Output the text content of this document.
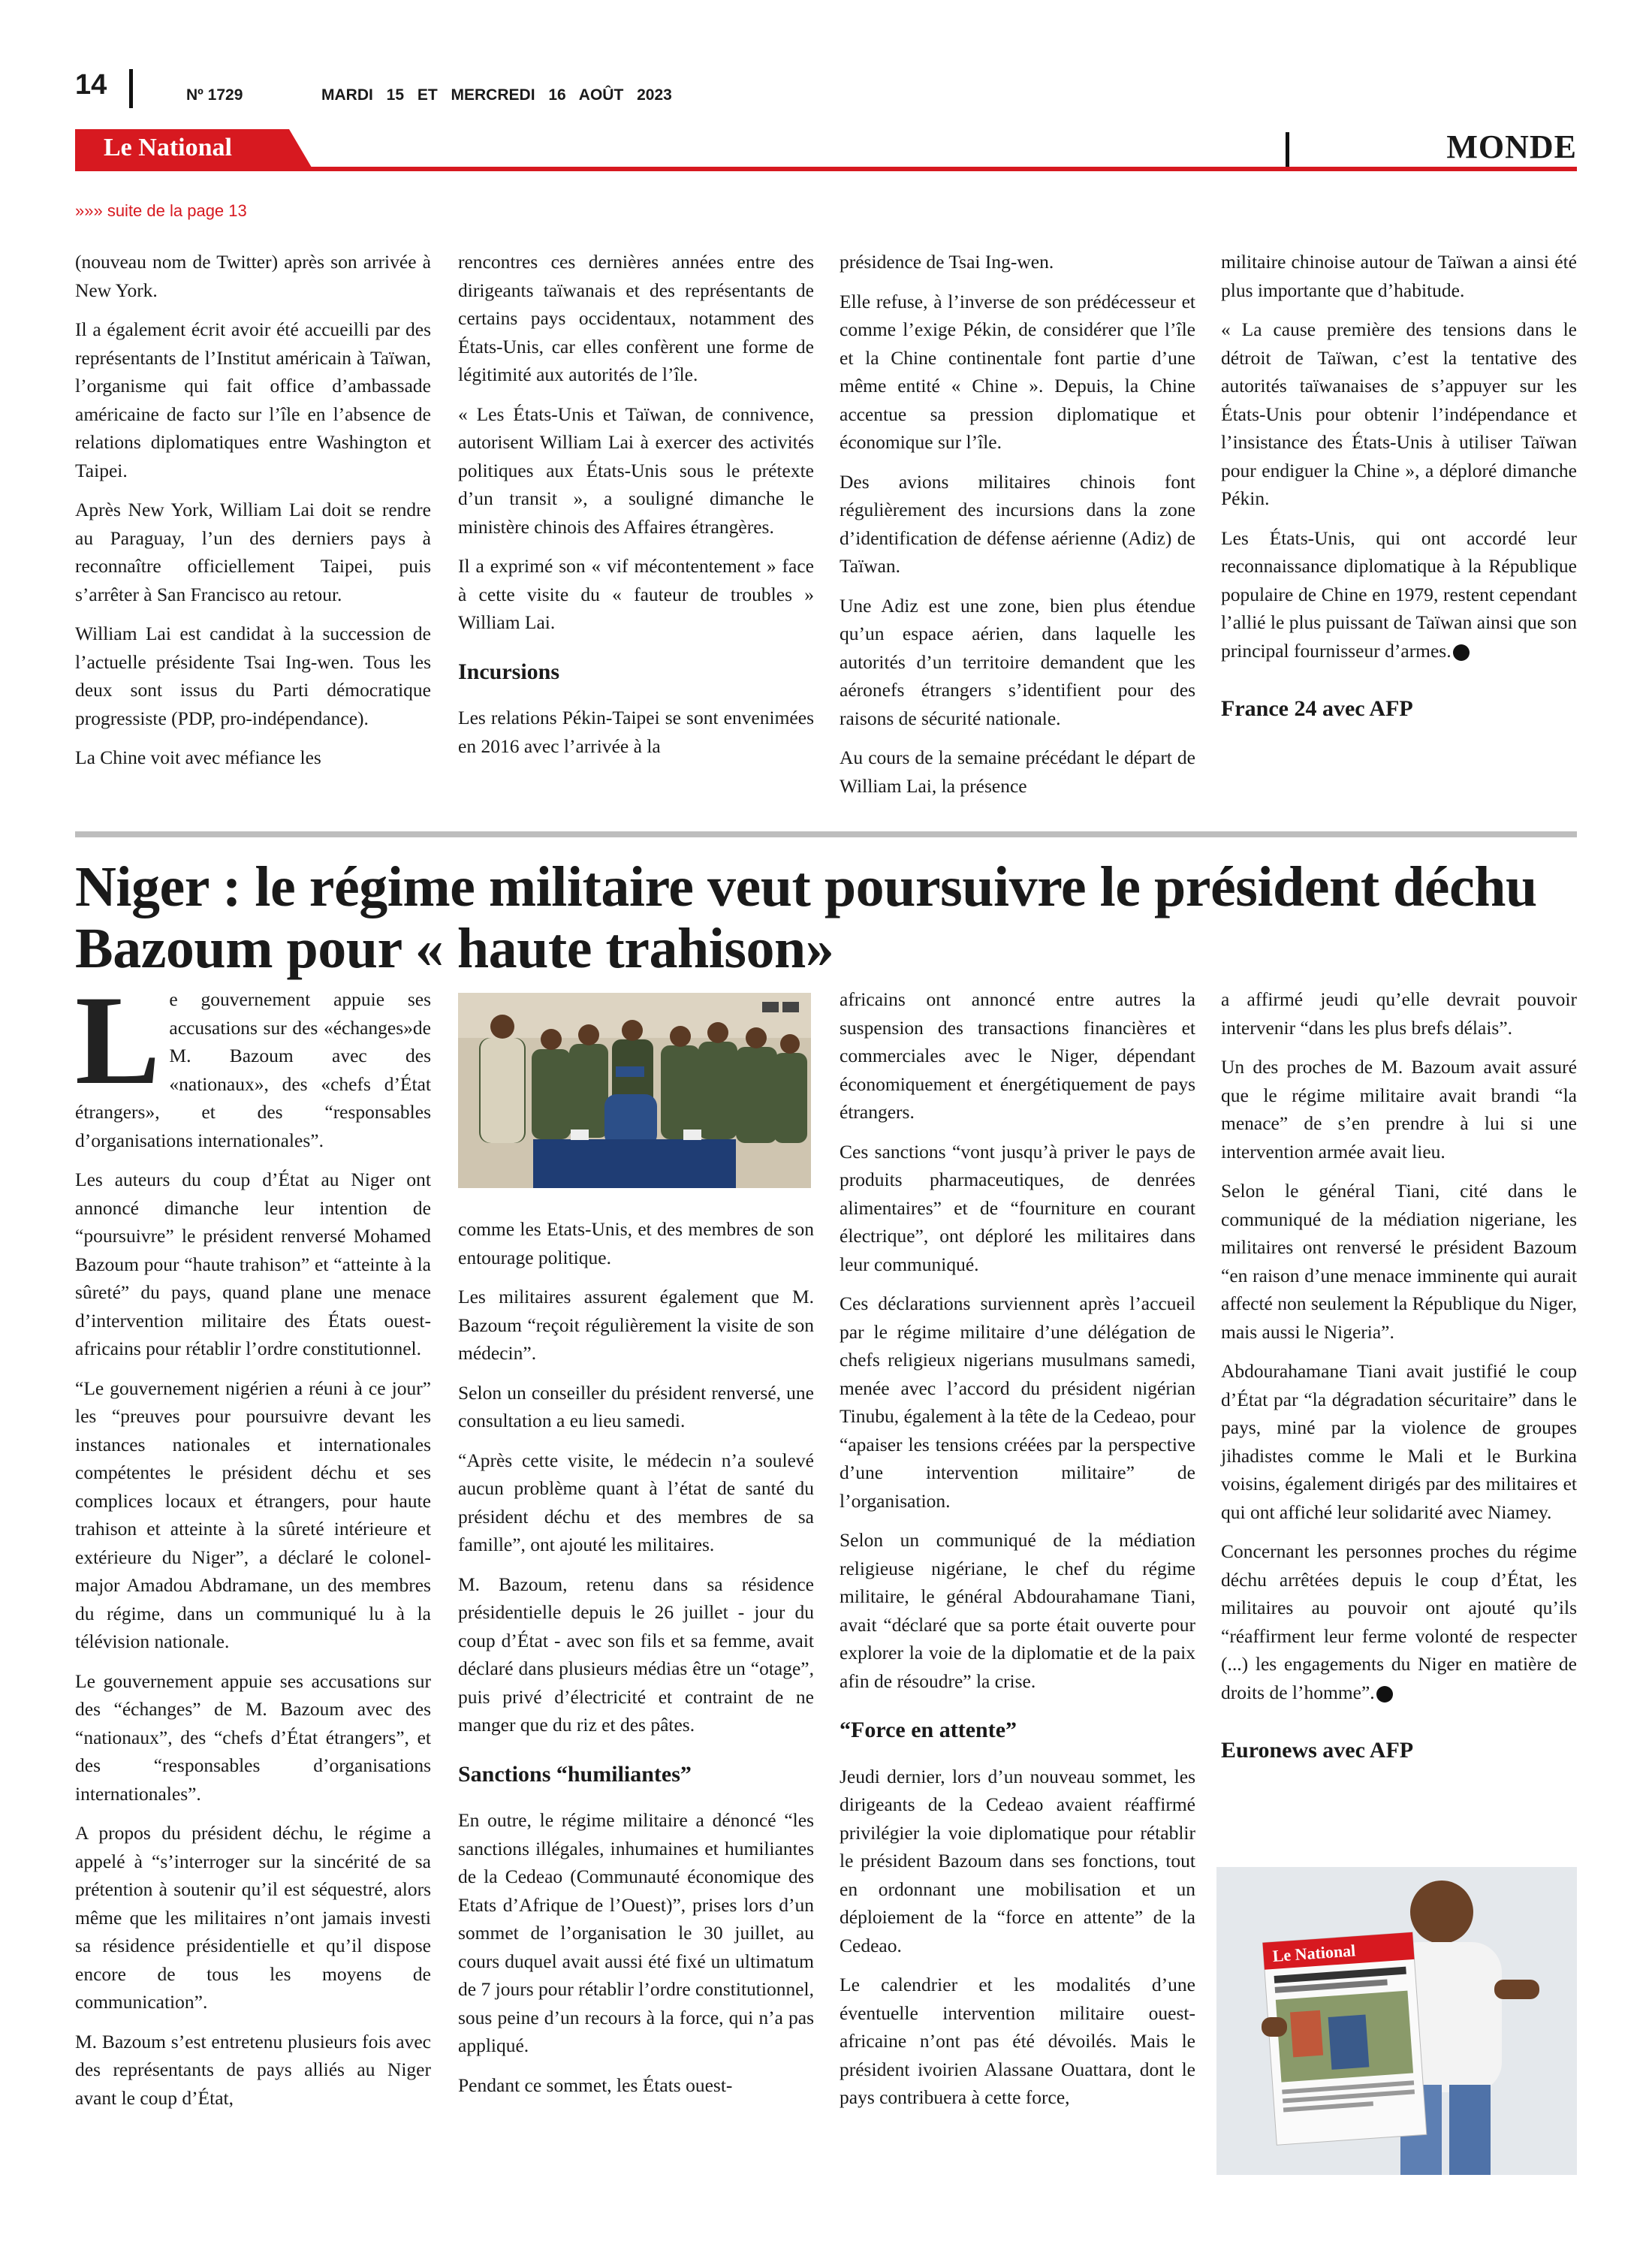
14	Nº 1729	MARDI 15 ET MERCREDI 16 AOÛT 2023
Le National	MONDE
»»» suite de la page 13

(nouveau nom de Twitter) après son arrivée à New York.

Il a également écrit avoir été accueilli par des représentants de l’Institut américain à Taïwan, l’organisme qui fait office d’ambassade américaine de facto sur l’île en l’absence de relations diplomatiques entre Washington et Taipei.

Après New York, William Lai doit se rendre au Paraguay, l’un des derniers pays à reconnaître officiellement Taipei, puis s’arrêter à San Francisco au retour.

William Lai est candidat à la succession de l’actuelle présidente Tsai Ing-wen. Tous les deux sont issus du Parti démocratique progressiste (PDP, pro-indépendance).

La Chine voit avec méfiance les

rencontres ces dernières années entre des dirigeants taïwanais et des représentants de certains pays occidentaux, notamment des États-Unis, car elles confèrent une forme de légitimité aux autorités de l’île.

« Les États-Unis et Taïwan, de connivence, autorisent William Lai à exercer des activités politiques aux États-Unis sous le prétexte d’un transit », a souligné dimanche le ministère chinois des Affaires étrangères.

Il a exprimé son « vif mécontentement » face à cette visite du « fauteur de troubles » William Lai.

Incursions

Les relations Pékin-Taipei se sont envenimées en 2016 avec l’arrivée à la

présidence de Tsai Ing-wen.

Elle refuse, à l’inverse de son prédécesseur et comme l’exige Pékin, de considérer que l’île et la Chine continentale font partie d’une même entité « Chine ». Depuis, la Chine accentue sa pression diplomatique et économique sur l’île.

Des avions militaires chinois font régulièrement des incursions dans la zone d’identification de défense aérienne (Adiz) de Taïwan.

Une Adiz est une zone, bien plus étendue qu’un espace aérien, dans laquelle les autorités d’un territoire demandent que les aéronefs étrangers s’identifient pour des raisons de sécurité nationale.

Au cours de la semaine précédant le départ de William Lai, la présence

militaire chinoise autour de Taïwan a ainsi été plus importante que d’habitude.

« La cause première des tensions dans le détroit de Taïwan, c’est la tentative des autorités taïwanaises de s’appuyer sur les États-Unis pour obtenir l’indépendance et l’insistance des États-Unis à utiliser Taïwan pour endiguer la Chine », a déploré dimanche Pékin.

Les États-Unis, qui ont accordé leur reconnaissance diplomatique à la République populaire de Chine en 1979, restent cependant l’allié le plus puissant de Taïwan ainsi que son principal fournisseur d’armes.

France 24 avec AFP

Niger : le régime militaire veut poursuivre le président déchu Bazoum pour « haute trahison»

Le gouvernement appuie ses accusations sur des «échanges»de M. Bazoum avec des «nationaux», des «chefs d’État étrangers», et des “responsables d’organisations internationales”.

Les auteurs du coup d’État au Niger ont annoncé dimanche leur intention de “poursuivre” le président renversé Mohamed Bazoum pour “haute trahison” et “atteinte à la sûreté” du pays, quand plane une menace d’intervention militaire des États ouest-africains pour rétablir l’ordre constitutionnel.

“Le gouvernement nigérien a réuni à ce jour” les “preuves pour poursuivre devant les instances nationales et internationales compétentes le président déchu et ses complices locaux et étrangers, pour haute trahison et atteinte à la sûreté intérieure et extérieure du Niger”, a déclaré le colonel-major Amadou Abdramane, un des membres du régime, dans un communiqué lu à la télévision nationale.

Le gouvernement appuie ses accusations sur des “échanges” de M. Bazoum avec des “nationaux”, des “chefs d’État étrangers”, et des “responsables d’organisations internationales”.

A propos du président déchu, le régime a appelé à “s’interroger sur la sincérité de sa prétention à soutenir qu’il est séquestré, alors même que les militaires n’ont jamais investi sa résidence présidentielle et qu’il dispose encore de tous les moyens de communication”.

M. Bazoum s’est entretenu plusieurs fois avec des représentants de pays alliés au Niger avant le coup d’État,

comme les Etats-Unis, et des membres de son entourage politique.

Les militaires assurent également que M. Bazoum “reçoit régulièrement la visite de son médecin”.

Selon un conseiller du président renversé, une consultation a eu lieu samedi.

“Après cette visite, le médecin n’a soulevé aucun problème quant à l’état de santé du président déchu et des membres de sa famille”, ont ajouté les militaires.

M. Bazoum, retenu dans sa résidence présidentielle depuis le 26 juillet - jour du coup d’État - avec son fils et sa femme, avait déclaré dans plusieurs médias être un “otage”, puis privé d’électricité et contraint de ne manger que du riz et des pâtes.

Sanctions “humiliantes”

En outre, le régime militaire a dénoncé “les sanctions illégales, inhumaines et humiliantes de la Cedeao (Communauté économique des Etats d’Afrique de l’Ouest)”, prises lors d’un sommet de l’organisation le 30 juillet, au cours duquel avait aussi été fixé un ultimatum de 7 jours pour rétablir l’ordre constitutionnel, sous peine d’un recours à la force, qui n’a pas appliqué.

Pendant ce sommet, les États ouest-

africains ont annoncé entre autres la suspension des transactions financières et commerciales avec le Niger, dépendant économiquement et énergétiquement de pays étrangers.

Ces sanctions “vont jusqu’à priver le pays de produits pharmaceutiques, de denrées alimentaires” et de “fourniture en courant électrique”, ont déploré les militaires dans leur communiqué.

Ces déclarations surviennent après l’accueil par le régime militaire d’une délégation de chefs religieux nigerians musulmans samedi, menée avec l’accord du président nigérian Tinubu, également à la tête de la Cedeao, pour “apaiser les tensions créées par la perspective d’une intervention militaire” de l’organisation.

Selon un communiqué de la médiation religieuse nigériane, le chef du régime militaire, le général Abdourahamane Tiani, avait “déclaré que sa porte était ouverte pour explorer la voie de la diplomatie et de la paix afin de résoudre” la crise.

“Force en attente”

Jeudi dernier, lors d’un nouveau sommet, les dirigeants de la Cedeao avaient réaffirmé privilégier la voie diplomatique pour rétablir le président Bazoum dans ses fonctions, tout en ordonnant une mobilisation et un déploiement de la “force en attente” de la Cedeao.

Le calendrier et les modalités d’une éventuelle intervention militaire ouest-africaine n’ont pas été dévoilés. Mais le président ivoirien Alassane Ouattara, dont le pays contribuera à cette force,

a affirmé jeudi qu’elle devrait pouvoir intervenir “dans les plus brefs délais”.

Un des proches de M. Bazoum avait assuré que le régime militaire avait brandi “la menace” de s’en prendre à lui si une intervention armée avait lieu.

Selon le général Tiani, cité dans le communiqué de la médiation nigeriane, les militaires ont renversé le président Bazoum “en raison d’une menace imminente qui aurait affecté non seulement la République du Niger, mais aussi le Nigeria”.

Abdourahamane Tiani avait justifié le coup d’État par “la dégradation sécuritaire” dans le pays, miné par la violence de groupes jihadistes comme le Mali et le Burkina voisins, également dirigés par des militaires et qui ont affiché leur solidarité avec Niamey.

Concernant les personnes proches du régime déchu arrêtées depuis le coup d’État, les militaires au pouvoir ont ajouté qu’ils “réaffirment leur ferme volonté de respecter (...) les engagements du Niger en matière de droits de l’homme”.

Euronews avec AFP

Le National
